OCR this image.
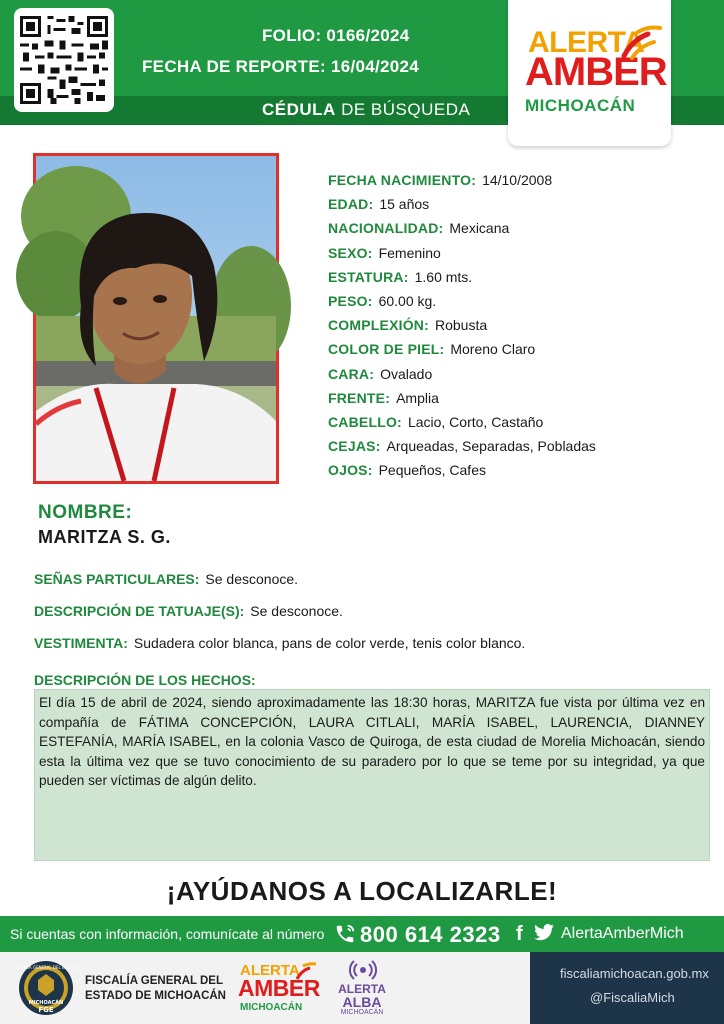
FOLIO: 0166/2024
FECHA DE REPORTE: 16/04/2024
CÉDULA DE BÚSQUEDA
ALERTA
AMBER
MICHOACÁN
FECHA NACIMIENTO: 14/10/2008
EDAD: 15 años
NACIONALIDAD: Mexicana
SEXO: Femenino
ESTATURA: 1.60 mts.
PESO: 60.00 kg.
COMPLEXIÓN: Robusta
COLOR DE PIEL: Moreno Claro
CARA: Ovalado
FRENTE: Amplia
CABELLO: Lacio, Corto, Castaño
CEJAS: Arqueadas, Separadas, Pobladas
OJOS: Pequeños, Cafes
NOMBRE:
MARITZA S. G.
SEÑAS PARTICULARES: Se desconoce.
DESCRIPCIÓN DE TATUAJE(S): Se desconoce.
VESTIMENTA: Sudadera color blanca, pans de color verde, tenis color blanco.
DESCRIPCIÓN DE LOS HECHOS:
El día 15 de abril de 2024, siendo aproximadamente las 18:30 horas, MARITZA fue vista por última vez en compañía de FÁTIMA CONCEPCIÓN, LAURA CITLALI, MARÍA ISABEL, LAURENCIA, DIANNEY ESTEFANÍA, MARÍA ISABEL, en la colonia Vasco de Quiroga, de esta ciudad de Morelia Michoacán, siendo esta la última vez que se tuvo conocimiento de su paradero por lo que se teme por su integridad, ya que pueden ser víctimas de algún delito.
¡AYÚDANOS A LOCALIZARLE!
Si cuentas con información, comunícate al número 800 614 2323 f AlertaAmberMich
FISCALÍA GENERAL DEL ESTADO
MICHOACÁN
FGE
FISCALÍA GENERAL DEL
ESTADO DE MICHOACÁN
ALERTA
AMBER
MICHOACÁN
ALERTA
ALBA
MICHOACÁN
fiscaliamichoacan.gob.mx
@FiscaliaMich
